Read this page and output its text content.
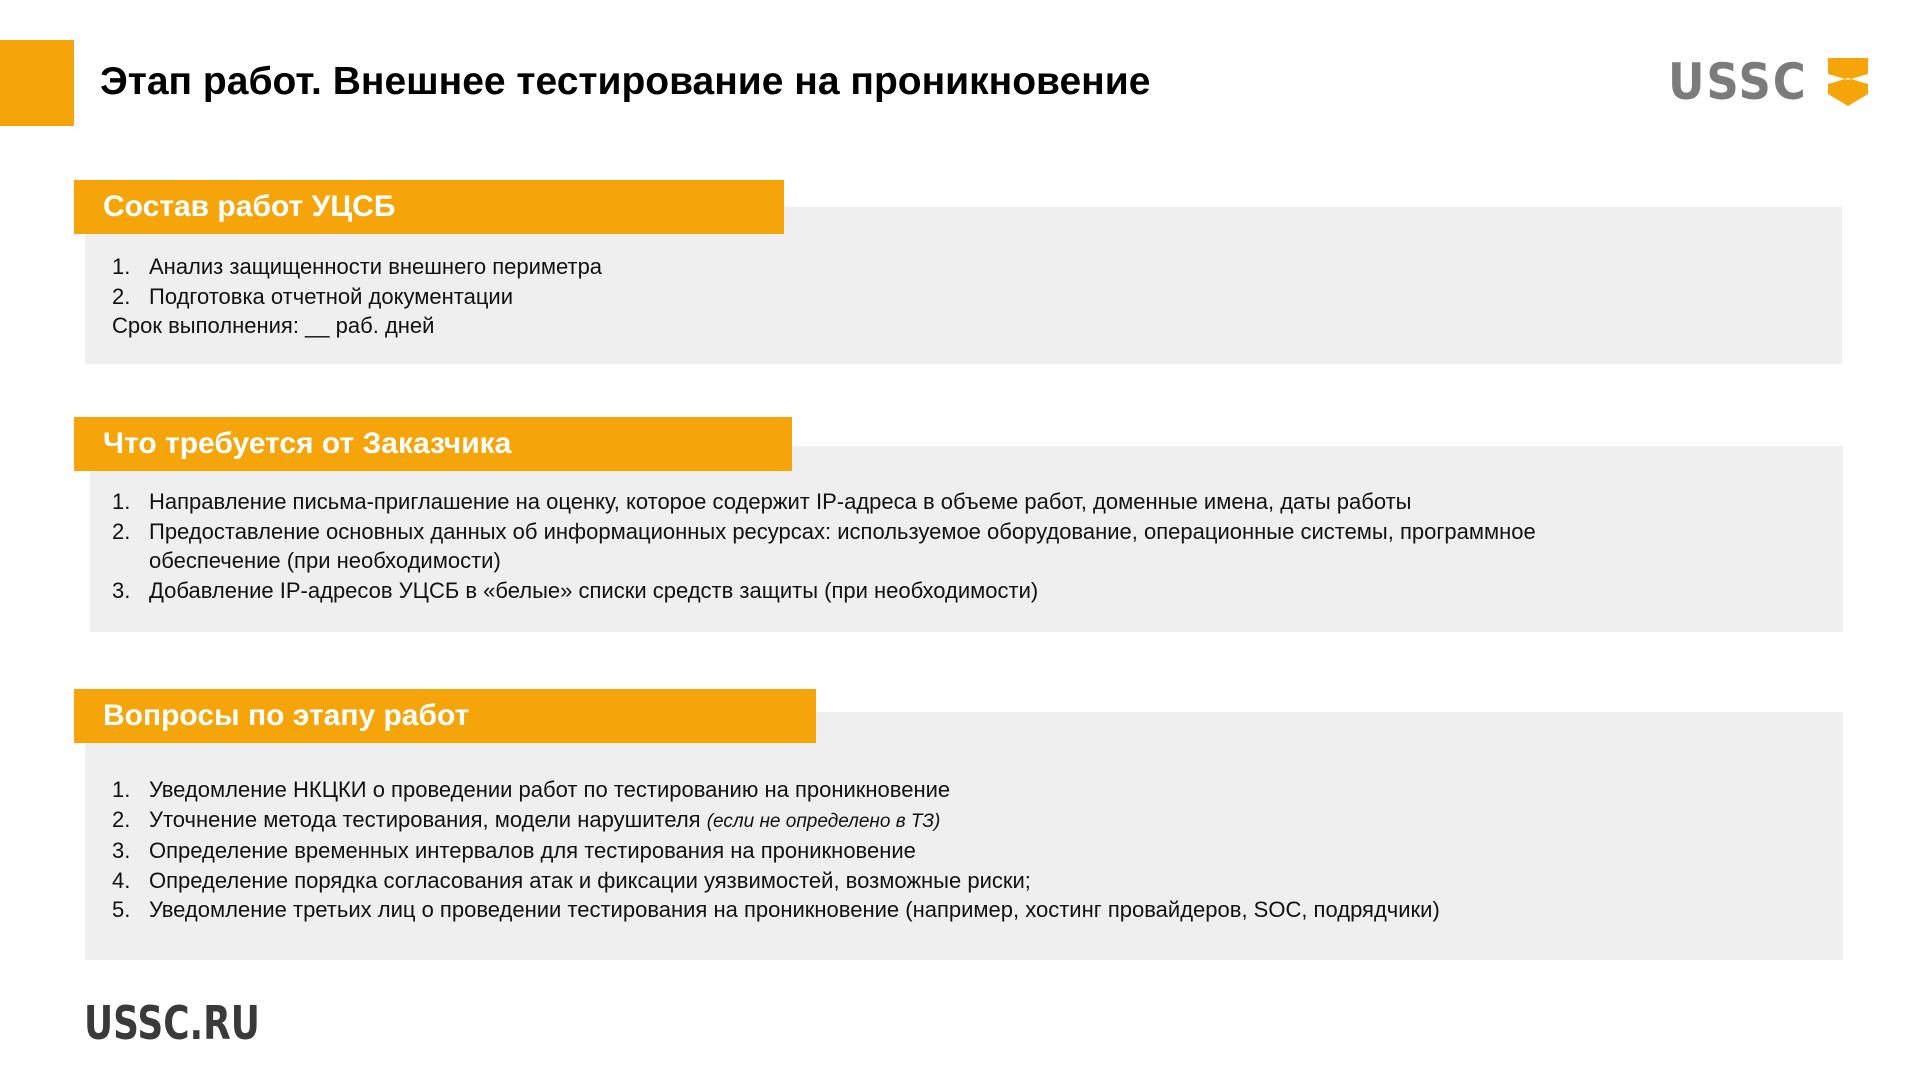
Этап работ. Внешнее тестирование на проникновение	USSC
Состав работ УЦСБ
1. Анализ защищенности внешнего периметра
2. Подготовка отчетной документации
Срок выполнения: __ раб. дней
Что требуется от Заказчика
1. Направление письма-приглашение на оценку, которое содержит IP-адреса в объеме работ, доменные имена, даты работы
2. Предоставление основных данных об информационных ресурсах: используемое оборудование, операционные системы, программное обеспечение (при необходимости)
3. Добавление IP-адресов УЦСБ в «белые» списки средств защиты (при необходимости)
Вопросы по этапу работ
1. Уведомление НКЦКИ о проведении работ по тестированию на проникновение
2. Уточнение метода тестирования, модели нарушителя (если не определено в ТЗ)
3. Определение временных интервалов для тестирования на проникновение
4. Определение порядка согласования атак и фиксации уязвимостей, возможные риски;
5. Уведомление третьих лиц о проведении тестирования на проникновение (например, хостинг провайдеров, SOC, подрядчики)
USSC.RU
